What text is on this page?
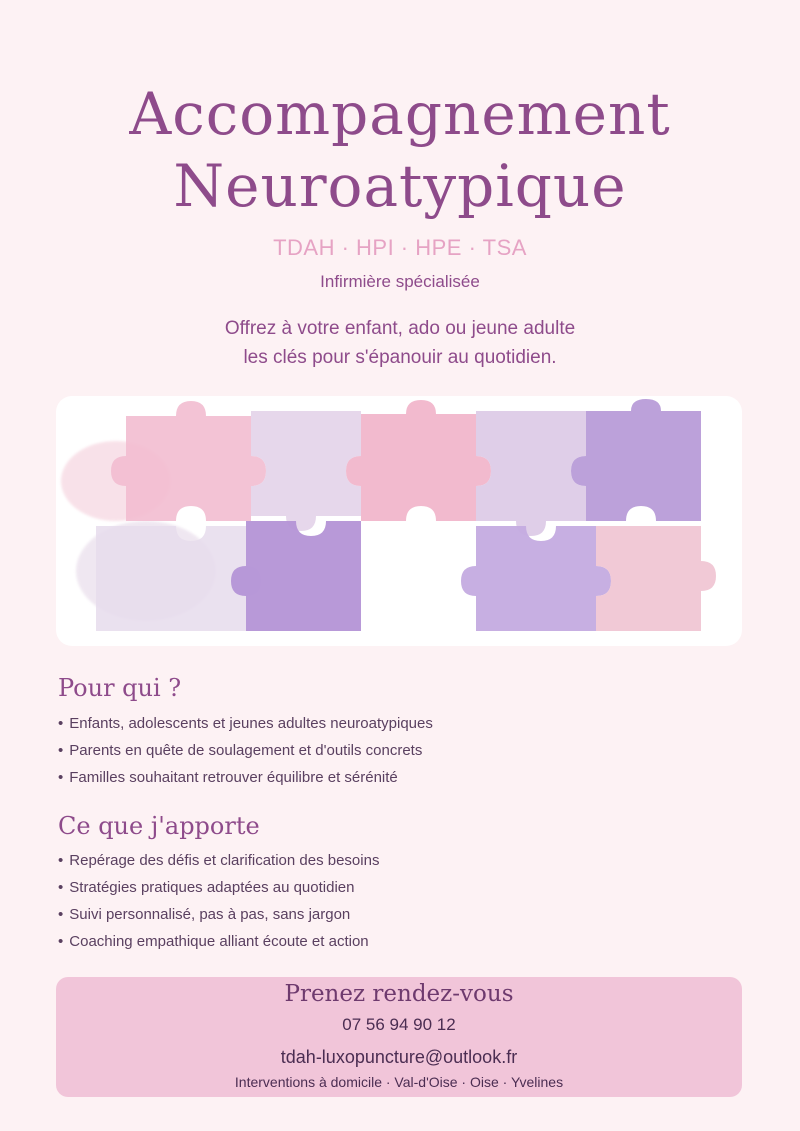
Accompagnement
Neuroatypique
TDAH · HPI · HPE · TSA
Infirmière spécialisée
Offrez à votre enfant, ado ou jeune adulte
les clés pour s'épanouir au quotidien.
Pour qui ?
• Enfants, adolescents et jeunes adultes neuroatypiques
• Parents en quête de soulagement et d'outils concrets
• Familles souhaitant retrouver équilibre et sérénité
Ce que j'apporte
• Repérage des défis et clarification des besoins
• Stratégies pratiques adaptées au quotidien
• Suivi personnalisé, pas à pas, sans jargon
• Coaching empathique alliant écoute et action
Prenez rendez-vous
07 56 94 90 12
tdah-luxopuncture@outlook.fr
Interventions à domicile · Val-d'Oise · Oise · Yvelines
